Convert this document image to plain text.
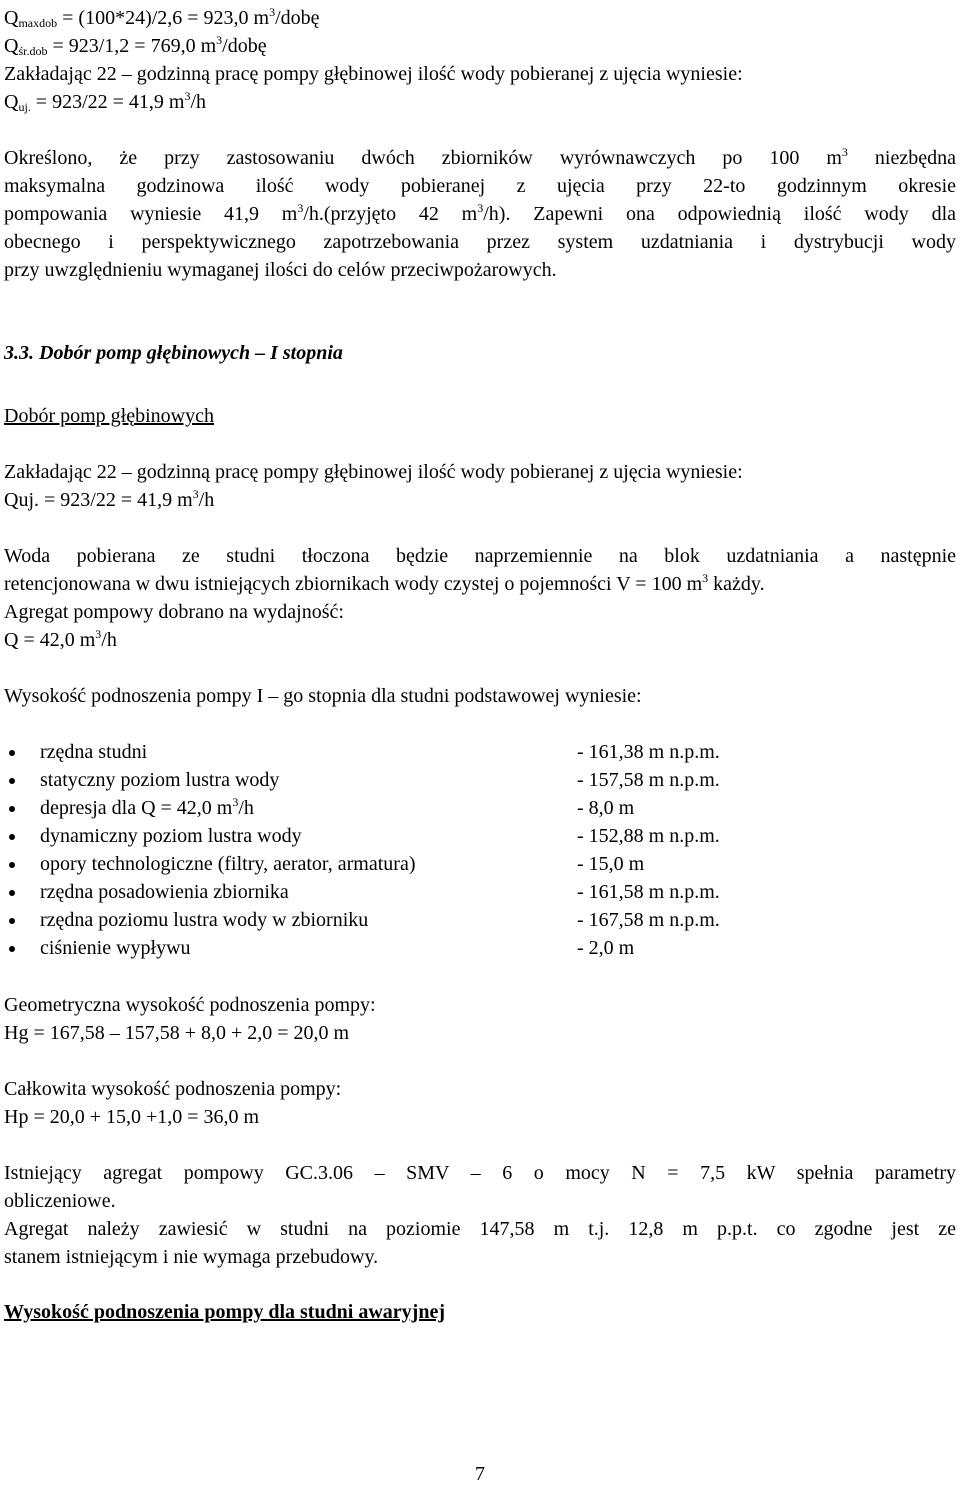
$Q_{maxdob} = (100*24)/2,6 = 923,0$ $m^3$/dobę
$Q_{śr.dob} = 923/1,2 = 769,0$ $m^3$/dobę
Zakładając 22 – godzinną pracę pompy głębinowej ilość wody pobieranej z ujęcia wyniesie:
$Q_{uj.} = 923/22 = 41,9$ $m^3/h$
Określono, że przy zastosowaniu dwóch zbiorników wyrównawczych po 100 $m^3$ niezbędna
maksymalna godzinowa ilość wody pobieranej z ujęcia przy 22-to godzinnym okresie
pompowania wyniesie 41,9 $m^3/h.(przyjęto$ 42 $m^3/h$). Zapewni ona odpowiednią ilość wody dla
obecnego i perspektywicznego zapotrzebowania przez system uzdatniania i dystrybucji wody
przy uwzględnieniu wymaganej ilości do celów przeciwpożarowych.
3.3. Dobór pomp głębinowych – I stopnia
Dobór pomp głębinowych
Zakładając 22 – godzinną pracę pompy głębinowej ilość wody pobieranej z ujęcia wyniesie:
Quj. = 923/22 = 41,9 $m^3/h$
Woda pobierana ze studni tłoczona będzie naprzemiennie na blok uzdatniania a następnie
retencjonowana w dwu istniejących zbiornikach wody czystej o pojemności V = 100 $m^3$ każdy.
Agregat pompowy dobrano na wydajność:
Q = 42,0 $m^3/h$
Wysokość podnoszenia pompy I – go stopnia dla studni podstawowej wyniesie:
rzędna studni	- 161,38 m n.p.m.
statyczny poziom lustra wody	- 157,58 m n.p.m.
depresja dla Q = 42,0 $m^3/h$	- 8,0 m
dynamiczny poziom lustra wody	- 152,88 m n.p.m.
opory technologiczne (filtry, aerator, armatura)	- 15,0 m
rzędna posadowienia zbiornika	- 161,58 m n.p.m.
rzędna poziomu lustra wody w zbiorniku	- 167,58 m n.p.m.
ciśnienie wypływu	- 2,0 m
Geometryczna wysokość podnoszenia pompy:
Hg = 167,58 – 157,58 + 8,0 + 2,0 = 20,0 m
Całkowita wysokość podnoszenia pompy:
Hp = 20,0 + 15,0 +1,0 = 36,0 m
Istniejący agregat pompowy GC.3.06 – SMV – 6 o mocy N = 7,5 kW spełnia parametry
obliczeniowe.
Agregat należy zawiesić w studni na poziomie 147,58 m t.j. 12,8 m p.p.t. co zgodne jest ze
stanem istniejącym i nie wymaga przebudowy.
Wysokość podnoszenia pompy dla studni awaryjnej
7
